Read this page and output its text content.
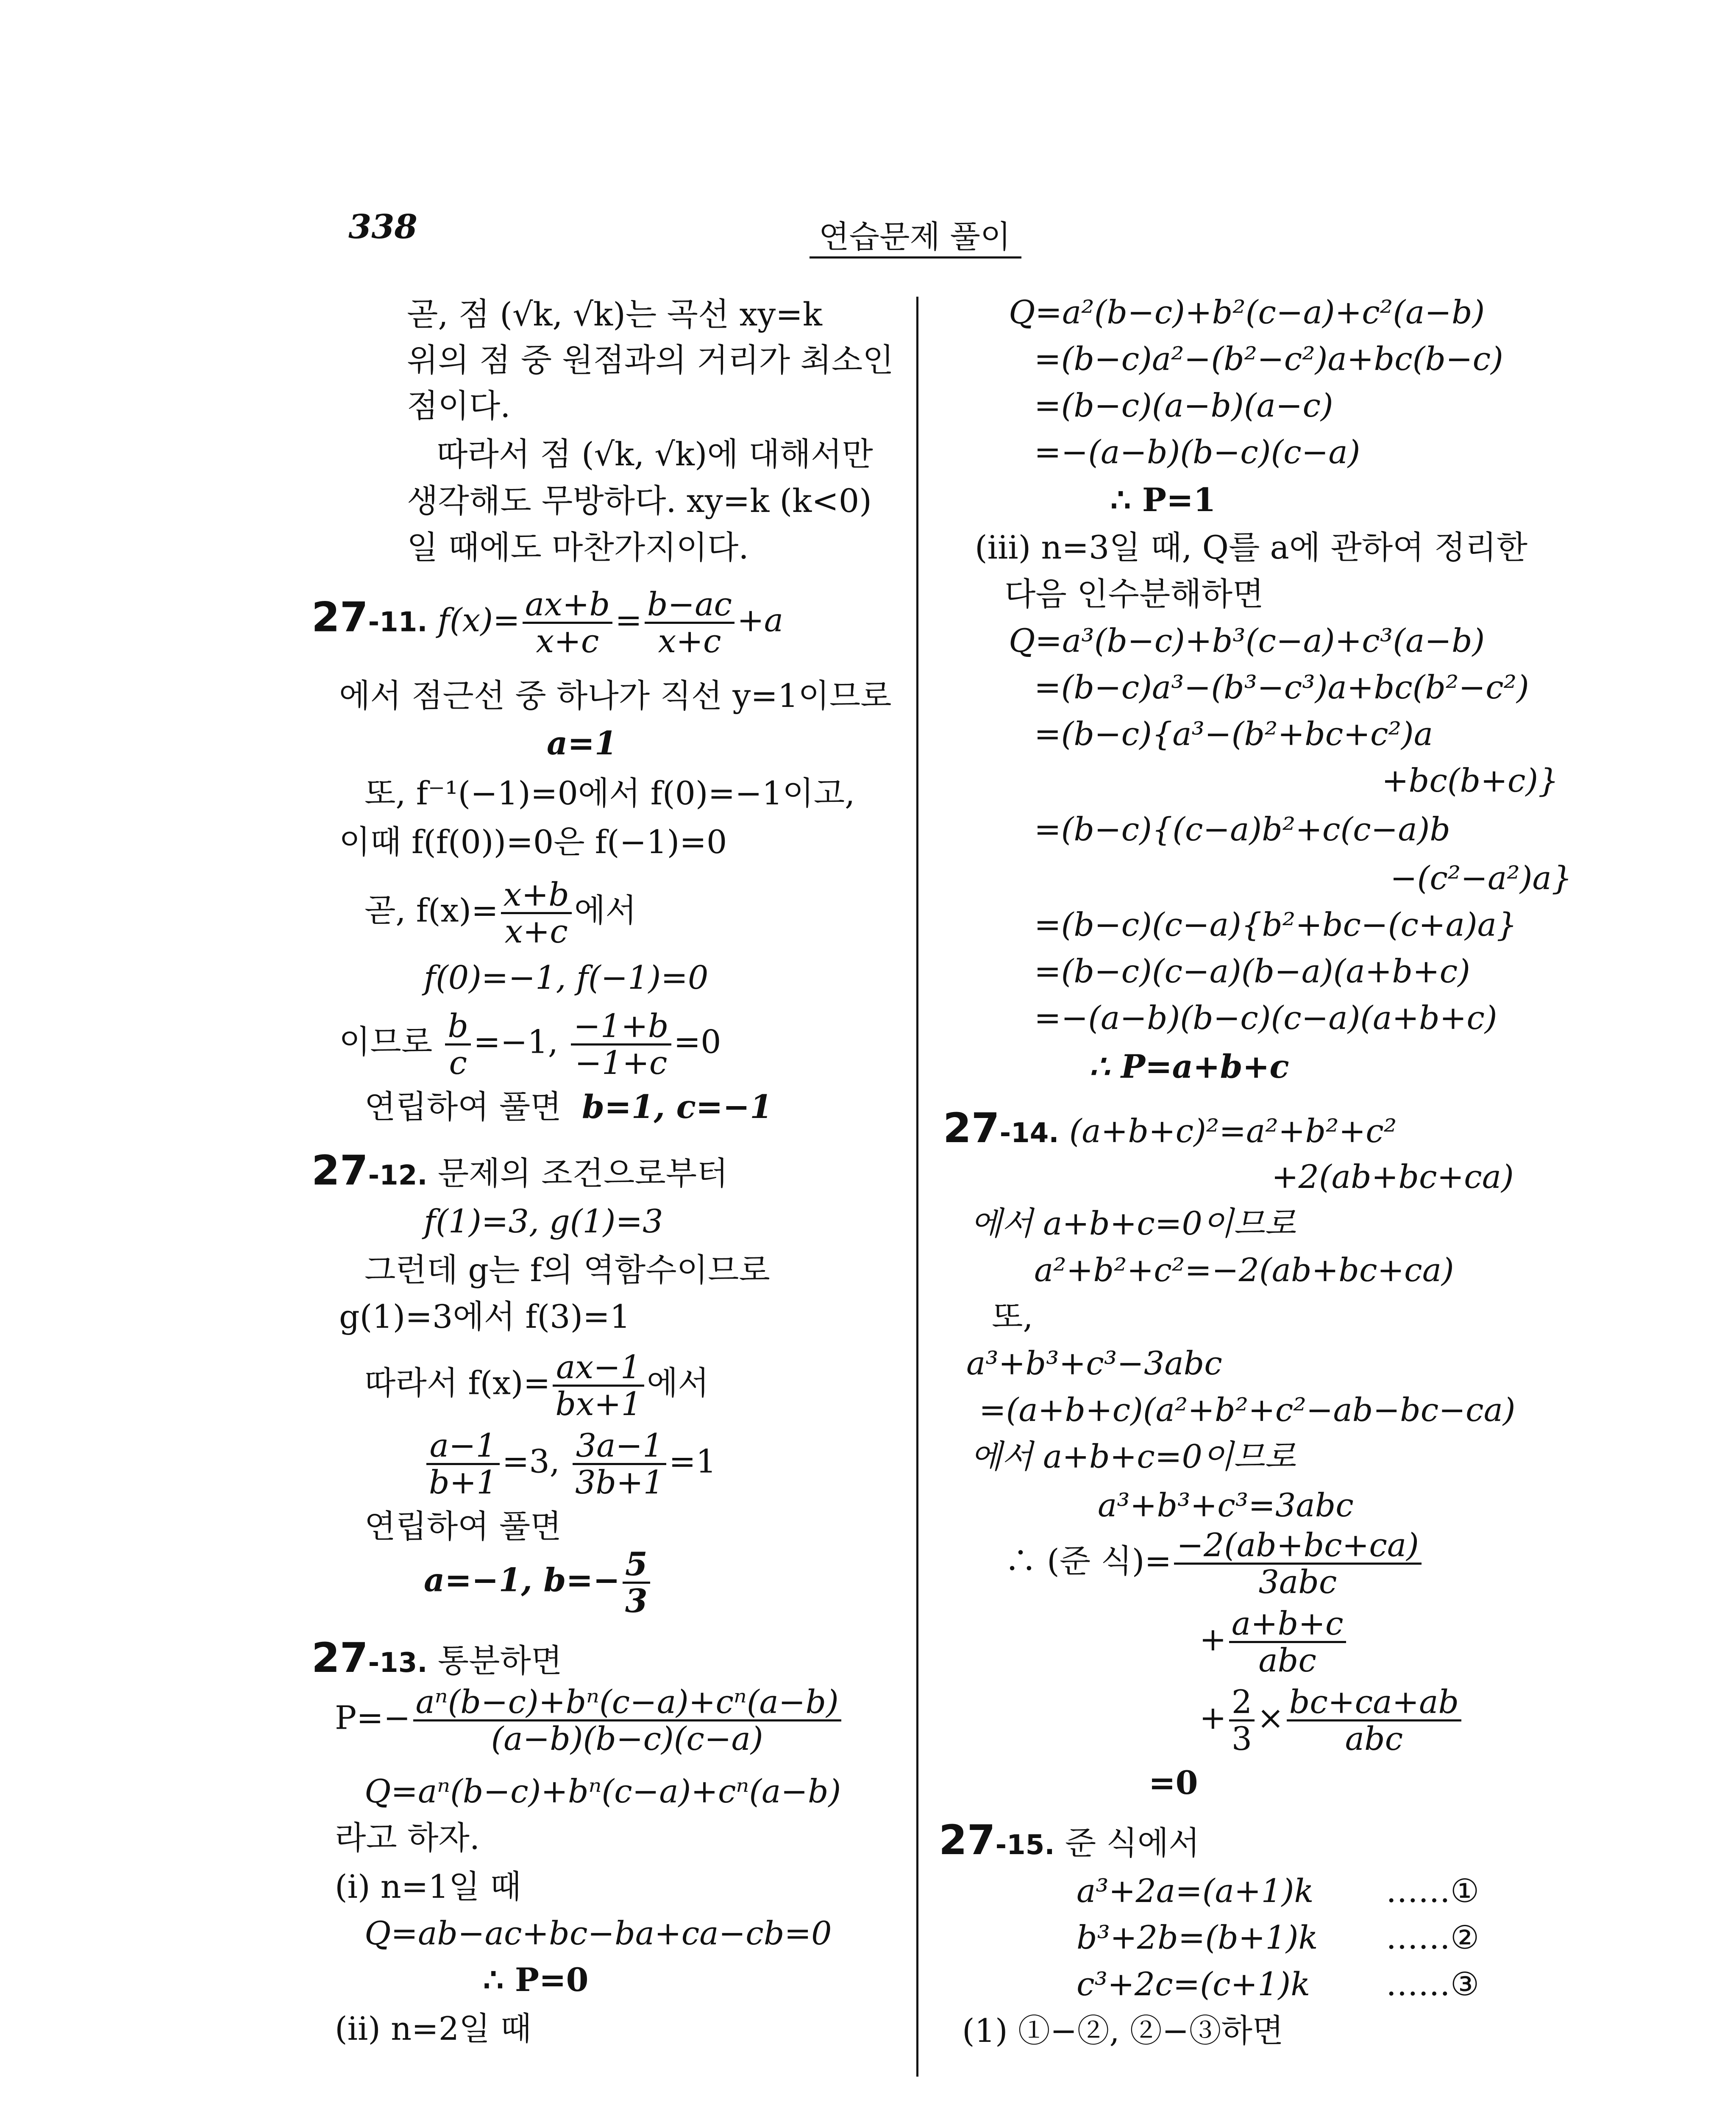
338	연습문제 풀이
곧, 점 (√k, √k)는 곡선 xy=k
위의 점 중 원점과의 거리가 최소인
점이다.
따라서 점 (√k, √k)에 대해서만
생각해도 무방하다. xy=k (k<0)
일 때에도 마찬가지이다.
27-11. $f(x)= \frac{ax+b}{x+c} = \frac{b-ac}{x+c} +a$
에서 점근선 중 하나가 직선 y=1이므로
a=1
또, f⁻¹(−1)=0에서 f(0)=−1이고,
이때 f(f(0))=0은 f(−1)=0
곧, $f(x)= \frac{x+b}{x+c}$ 에서
f(0)=−1, f(−1)=0
이므로 $\frac{b}{c} =-1$, $\frac{-1+b}{-1+c} =0$
연립하여 풀면 b=1, c=−1
27-12. 문제의 조건으로부터
f(1)=3, g(1)=3
그런데 g는 f의 역함수이므로
g(1)=3에서 f(3)=1
따라서 $f(x)= \frac{ax-1}{bx+1}$ 에서
$\frac{a-1}{b+1} =3$, $\frac{3a-1}{3b+1} =1$
연립하여 풀면
a=−1, $b=- \frac{5}{3}$
27-13. 통분하면
$P=- \frac{\text{aⁿ(b−c)+bⁿ(c−a)+cⁿ(a−b)}}{(a-b)(b-c)(c-a)}$
Q=aⁿ(b−c)+bⁿ(c−a)+cⁿ(a−b)
라고 하자.
(i) n=1일 때
Q=ab−ac+bc−ba+ca−cb=0
∴ P=0
(ii) n=2일 때
Q=a²(b−c)+b²(c−a)+c²(a−b)
=(b−c)a²−(b²−c²)a+bc(b−c)
=(b−c)(a−b)(a−c)
=−(a−b)(b−c)(c−a)
∴ P=1
(iii) n=3일 때, Q를 a에 관하여 정리한
다음 인수분해하면
Q=a³(b−c)+b³(c−a)+c³(a−b)
=(b−c)a³−(b³−c³)a+bc(b²−c²)
=(b−c){a³−(b²+bc+c²)a
+bc(b+c)}
=(b−c){(c−a)b²+c(c−a)b
−(c²−a²)a}
=(b−c)(c−a){b²+bc−(c+a)a}
=(b−c)(c−a)(b−a)(a+b+c)
=−(a−b)(b−c)(c−a)(a+b+c)
∴ P=a+b+c
27-14. (a+b+c)²=a²+b²+c²
+2(ab+bc+ca)
에서 a+b+c=0이므로
a²+b²+c²=−2(ab+bc+ca)
또,
a³+b³+c³−3abc
=(a+b+c)(a²+b²+c²−ab−bc−ca)
에서 a+b+c=0이므로
a³+b³+c³=3abc
∴ (준 식)= $\frac{-2(ab+bc+ca)}{\text{3abc}}$
+ $\frac{a+b+c}{\text{abc}}$
+ $\frac{2}{3} \times \frac{bc+ca+ab}{\text{abc}}$
=0
27-15. 준 식에서
a³+2a=(a+1)k ……①
b³+2b=(b+1)k ……②
c³+2c=(c+1)k ……③
(1) ①−②, ②−③하면
